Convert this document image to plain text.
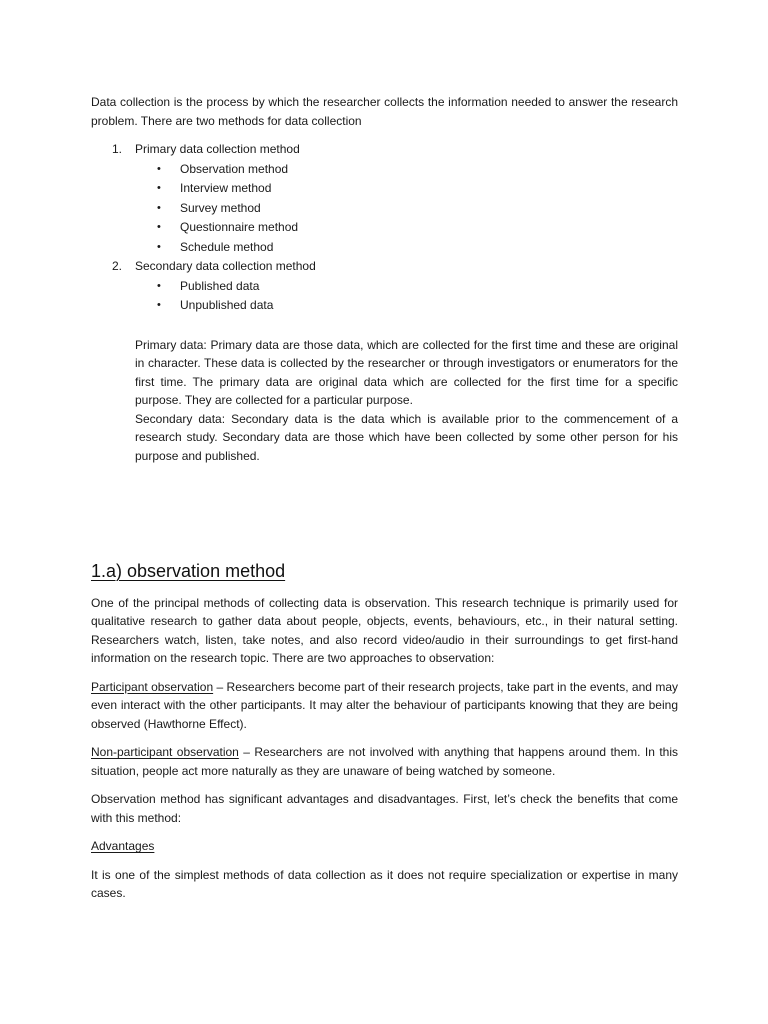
Data collection is the process by which the researcher collects the information needed to answer the research problem. There are two methods for data collection

1. Primary data collection method
• Observation method
• Interview method
• Survey method
• Questionnaire method
• Schedule method
2. Secondary data collection method
• Published data
• Unpublished data

Primary data: Primary data are those data, which are collected for the first time and these are original in character. These data is collected by the researcher or through investigators or enumerators for the first time. The primary data are original data which are collected for the first time for a specific purpose. They are collected for a particular purpose.

Secondary data: Secondary data is the data which is available prior to the commencement of a research study. Secondary data are those which have been collected by some other person for his purpose and published.

1.a) observation method

One of the principal methods of collecting data is observation. This research technique is primarily used for qualitative research to gather data about people, objects, events, behaviours, etc., in their natural setting. Researchers watch, listen, take notes, and also record video/audio in their surroundings to get first-hand information on the research topic. There are two approaches to observation:

Participant observation – Researchers become part of their research projects, take part in the events, and may even interact with the other participants. It may alter the behaviour of participants knowing that they are being observed (Hawthorne Effect).

Non-participant observation – Researchers are not involved with anything that happens around them. In this situation, people act more naturally as they are unaware of being watched by someone.

Observation method has significant advantages and disadvantages. First, let’s check the benefits that come with this method:

Advantages

It is one of the simplest methods of data collection as it does not require specialization or expertise in many cases.
